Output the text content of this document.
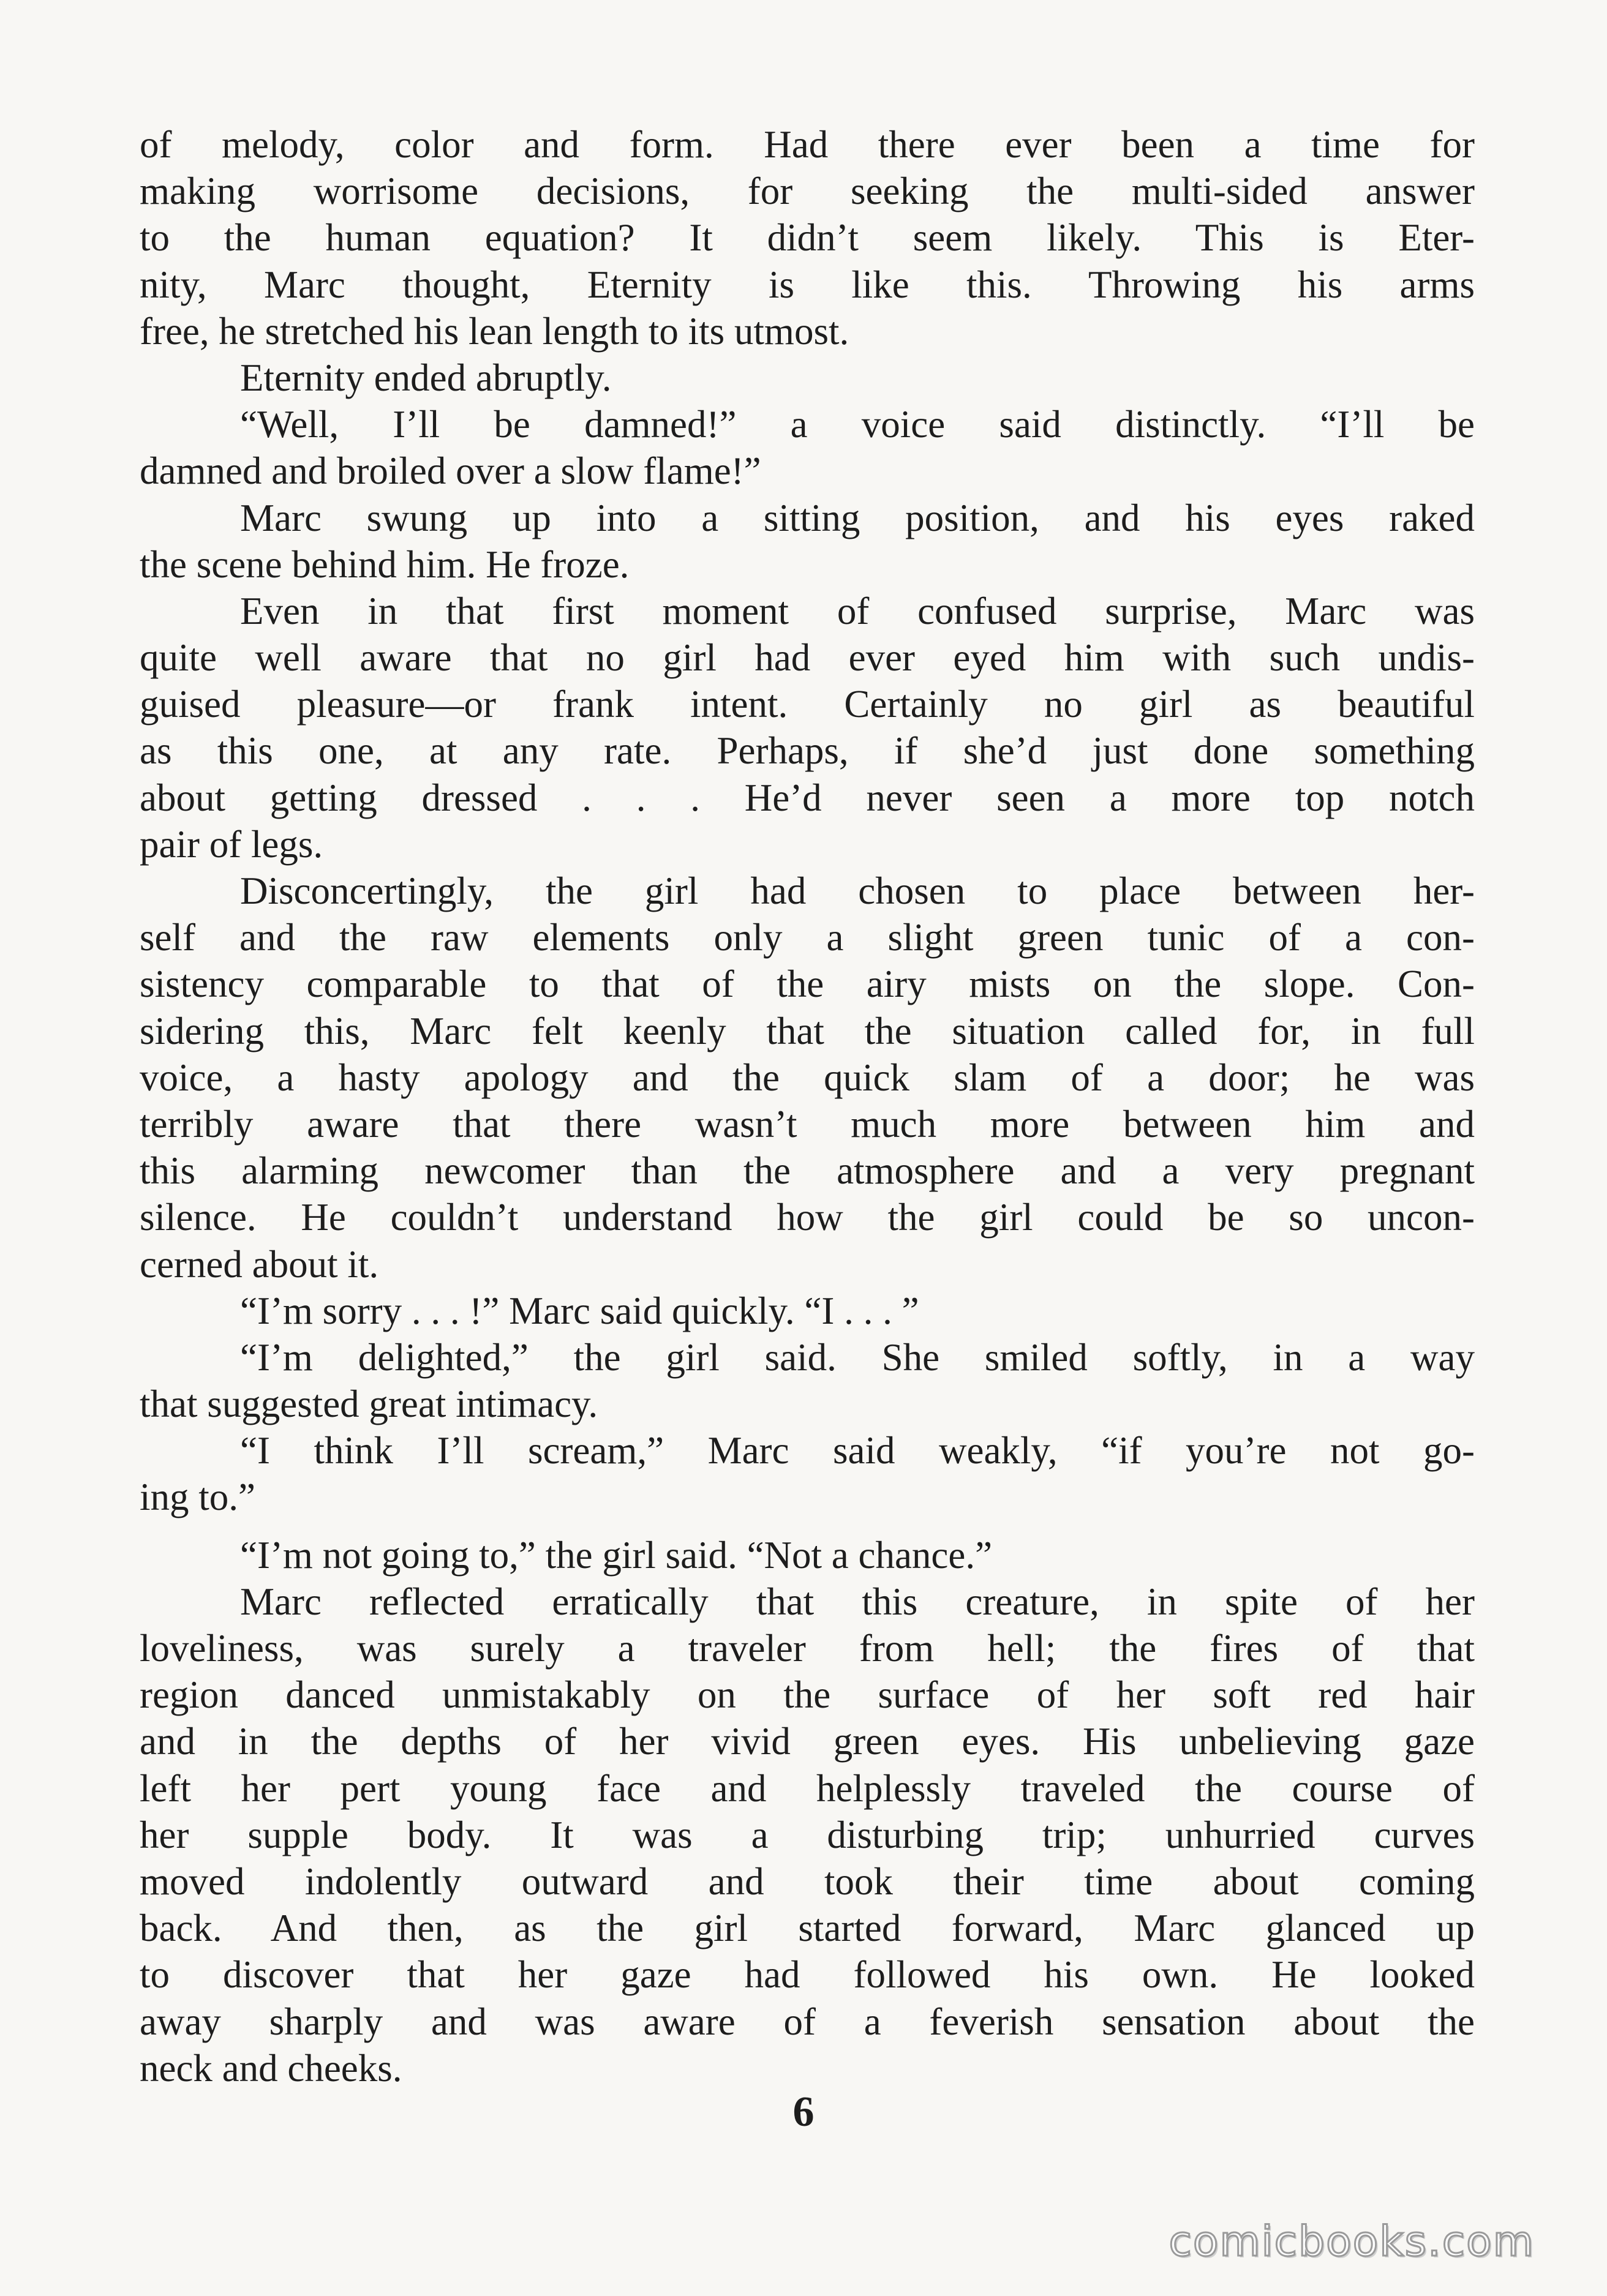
of melody, color and form. Had there ever been a time for
making worrisome decisions, for seeking the multi-sided answer
to the human equation? It didn’t seem likely. This is Eter-
nity, Marc thought, Eternity is like this. Throwing his arms
free, he stretched his lean length to its utmost.
Eternity ended abruptly.
“Well, I’ll be damned!” a voice said distinctly. “I’ll be
damned and broiled over a slow flame!”
Marc swung up into a sitting position, and his eyes raked
the scene behind him. He froze.
Even in that first moment of confused surprise, Marc was
quite well aware that no girl had ever eyed him with such undis-
guised pleasure—or frank intent. Certainly no girl as beautiful
as this one, at any rate. Perhaps, if she’d just done something
about getting dressed . . . He’d never seen a more top notch
pair of legs.
Disconcertingly, the girl had chosen to place between her-
self and the raw elements only a slight green tunic of a con-
sistency comparable to that of the airy mists on the slope. Con-
sidering this, Marc felt keenly that the situation called for, in full
voice, a hasty apology and the quick slam of a door; he was
terribly aware that there wasn’t much more between him and
this alarming newcomer than the atmosphere and a very pregnant
silence. He couldn’t understand how the girl could be so uncon-
cerned about it.
“I’m sorry . . . !” Marc said quickly. “I . . . ”
“I’m delighted,” the girl said. She smiled softly, in a way
that suggested great intimacy.
“I think I’ll scream,” Marc said weakly, “if you’re not go-
ing to.”
“I’m not going to,” the girl said. “Not a chance.”
Marc reflected erratically that this creature, in spite of her
loveliness, was surely a traveler from hell; the fires of that
region danced unmistakably on the surface of her soft red hair
and in the depths of her vivid green eyes. His unbelieving gaze
left her pert young face and helplessly traveled the course of
her supple body. It was a disturbing trip; unhurried curves
moved indolently outward and took their time about coming
back. And then, as the girl started forward, Marc glanced up
to discover that her gaze had followed his own. He looked
away sharply and was aware of a feverish sensation about the
neck and cheeks.
6
comicbooks.com
